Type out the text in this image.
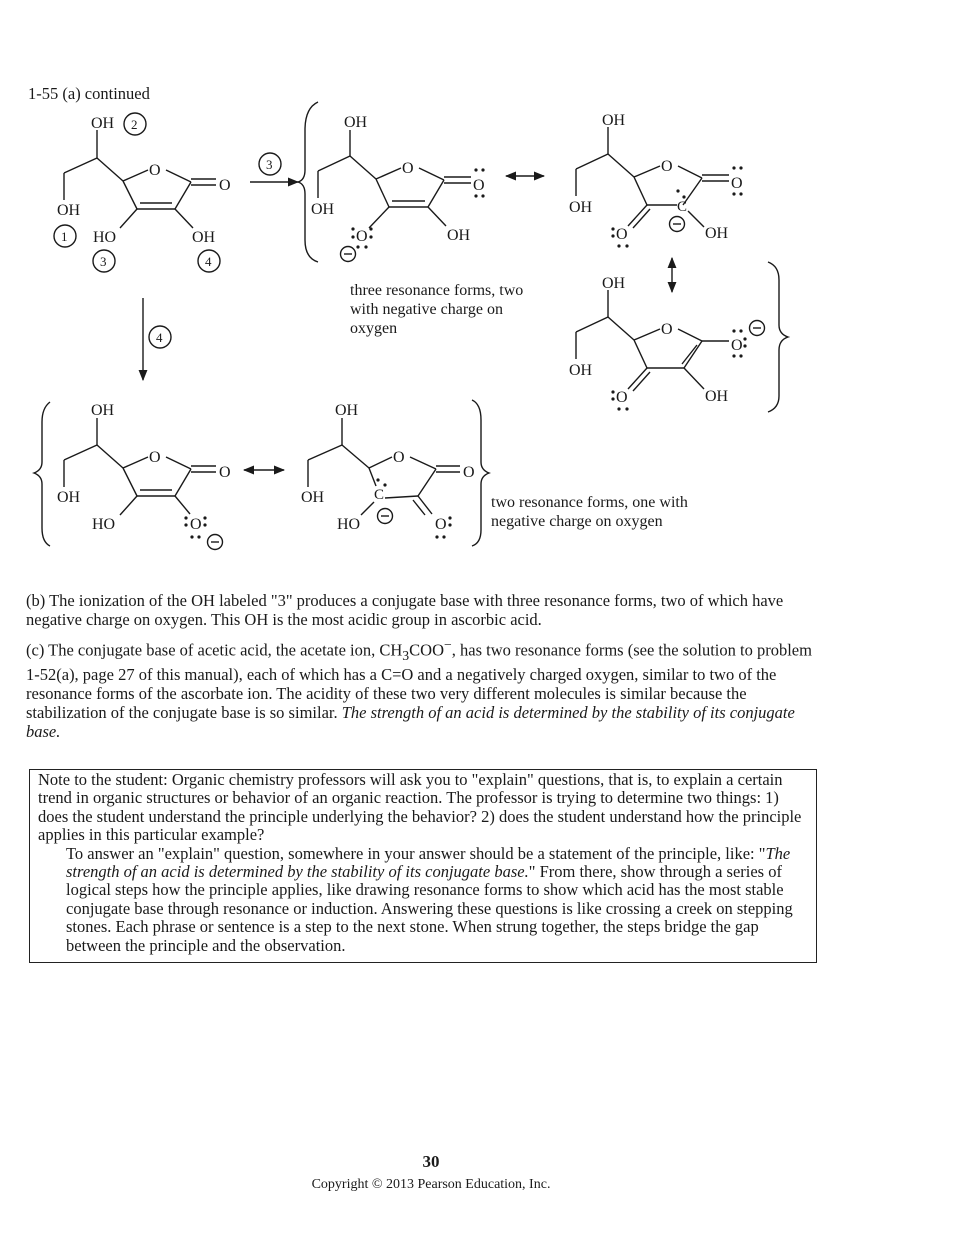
1-55 (a) continued
OH
O
O
OH
HO	OH
2
1
3	4
3
OH
O
O
OH
O	OH
OH
O
O
C
OH
O	OH
three resonance forms, two
with negative charge on
oxygen
OH
O
O
OH
O	OH
4
OH
O
O
OH
HO	O
OH
O
O
C
OH
HO	O
two resonance forms, one with
negative charge on oxygen

(b) The ionization of the OH labeled "3" produces a conjugate base with three resonance forms, two of which have negative charge on oxygen. This OH is the most acidic group in ascorbic acid.

(c) The conjugate base of acetic acid, the acetate ion, $CH_3COO^-$, has two resonance forms (see the solution to problem 1-52(a), page 27 of this manual), each of which has a C=O and a negatively charged oxygen, similar to two of the resonance forms of the ascorbate ion. The acidity of these two very different molecules is similar because the stabilization of the conjugate base is so similar. The strength of an acid is determined by the stability of its conjugate base.

Note to the student: Organic chemistry professors will ask you to "explain" questions, that is, to explain a certain trend in organic structures or behavior of an organic reaction. The professor is trying to determine two things: 1) does the student understand the principle underlying the behavior? 2) does the student understand how the principle applies in this particular example?

To answer an "explain" question, somewhere in your answer should be a statement of the principle, like: "The strength of an acid is determined by the stability of its conjugate base." From there, show through a series of logical steps how the principle applies, like drawing resonance forms to show which acid has the most stable conjugate base through resonance or induction. Answering these questions is like crossing a creek on stepping stones. Each phrase or sentence is a step to the next stone. When strung together, the steps bridge the gap between the principle and the observation.

30
Copyright © 2013 Pearson Education, Inc.
